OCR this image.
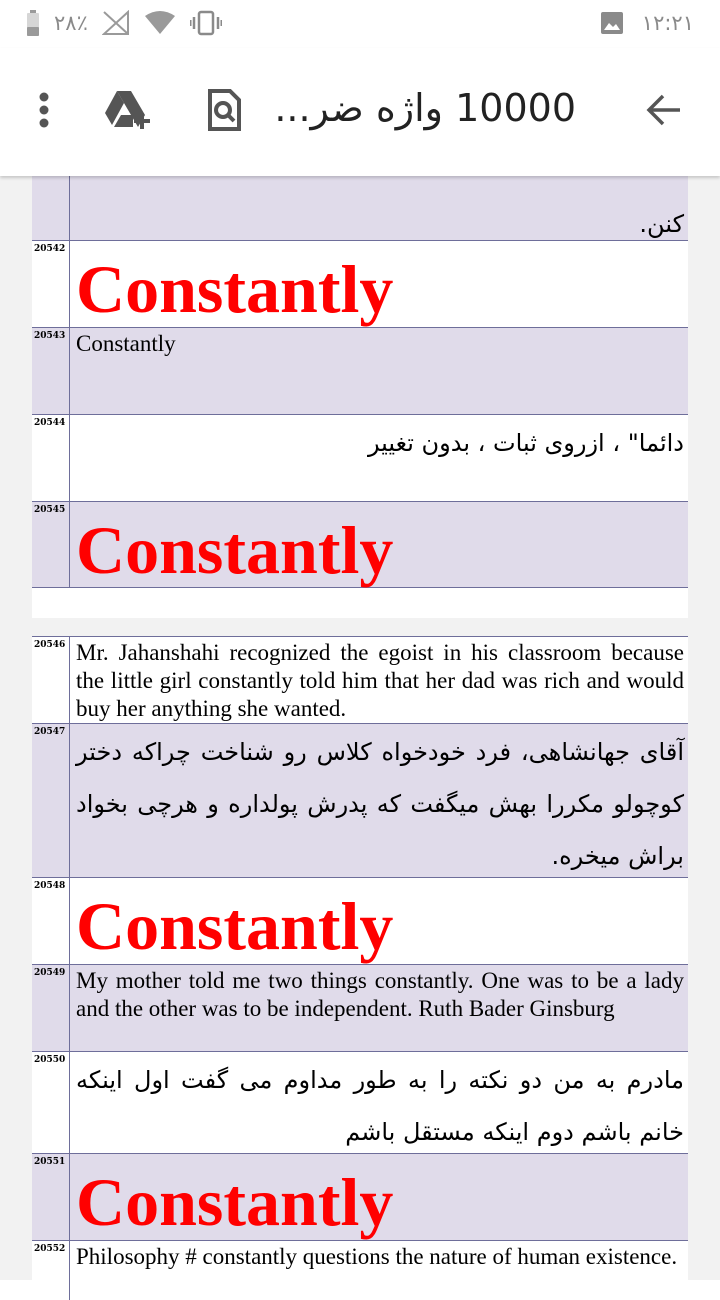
٢٨٪	١٢:٢١
10000 واژه ضر...
کنن.
20542
Constantly
20543 Constantly
20544
دائما" ، ازروی ثبات ، بدون تغییر
20545
Constantly
20546 Mr. Jahanshahi recognized the egoist in his classroom because the little girl constantly told him that her dad was rich and would buy her anything she wanted.
20547
آقای جهانشاهی، فرد خودخواه کلاس رو شناخت چراکه دختر کوچولو مکررا بهش میگفت که پدرش پولداره و هرچی بخواد براش میخره.
20548
Constantly
20549 My mother told me two things constantly. One was to be a lady and the other was to be independent. Ruth Bader Ginsburg
20550
مادرم به من دو نکته را به طور مداوم می گفت اول اینکه خانم باشم دوم اینکه مستقل باشم
20551
Constantly
20552 Philosophy # constantly questions the nature of human existence.
